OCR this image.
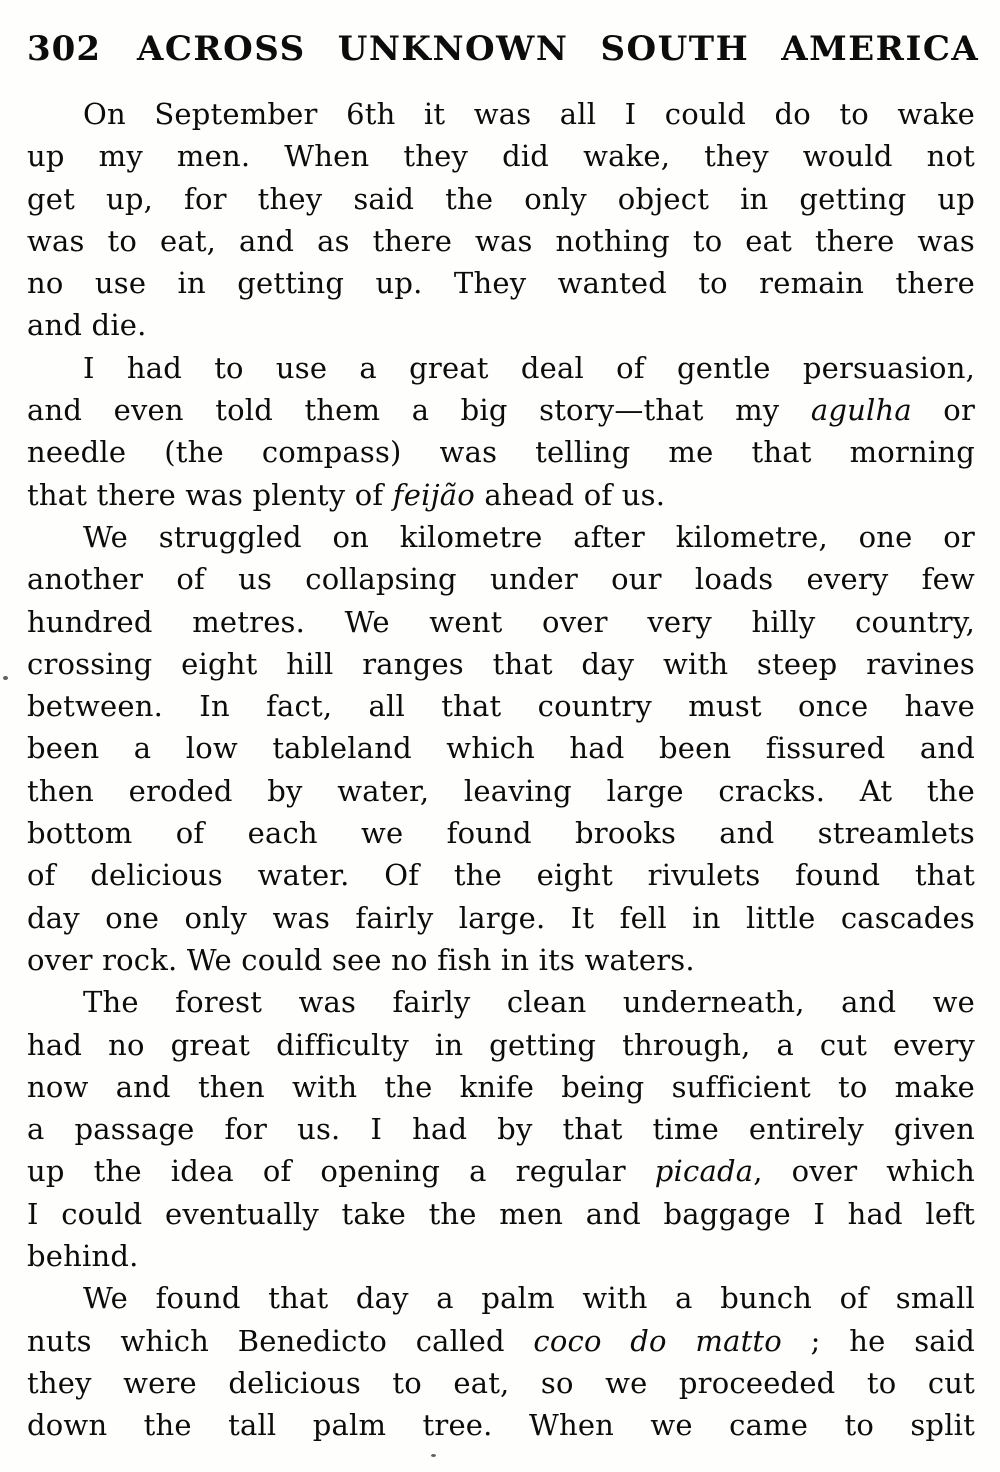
302 ACROSS UNKNOWN SOUTH AMERICA
On September 6th it was all I could do to wake
up my men. When they did wake, they would not
get up, for they said the only object in getting up
was to eat, and as there was nothing to eat there was
no use in getting up. They wanted to remain there
and die.
I had to use a great deal of gentle persuasion,
and even told them a big story—that my agulha or
needle (the compass) was telling me that morning
that there was plenty of feijão ahead of us.
We struggled on kilometre after kilometre, one or
another of us collapsing under our loads every few
hundred metres. We went over very hilly country,
crossing eight hill ranges that day with steep ravines
between. In fact, all that country must once have
been a low tableland which had been fissured and
then eroded by water, leaving large cracks. At the
bottom of each we found brooks and streamlets
of delicious water. Of the eight rivulets found that
day one only was fairly large. It fell in little cascades
over rock. We could see no fish in its waters.
The forest was fairly clean underneath, and we
had no great difficulty in getting through, a cut every
now and then with the knife being sufficient to make
a passage for us. I had by that time entirely given
up the idea of opening a regular picada, over which
I could eventually take the men and baggage I had left
behind.
We found that day a palm with a bunch of small
nuts which Benedicto called coco do matto ; he said
they were delicious to eat, so we proceeded to cut
down the tall palm tree. When we came to split
